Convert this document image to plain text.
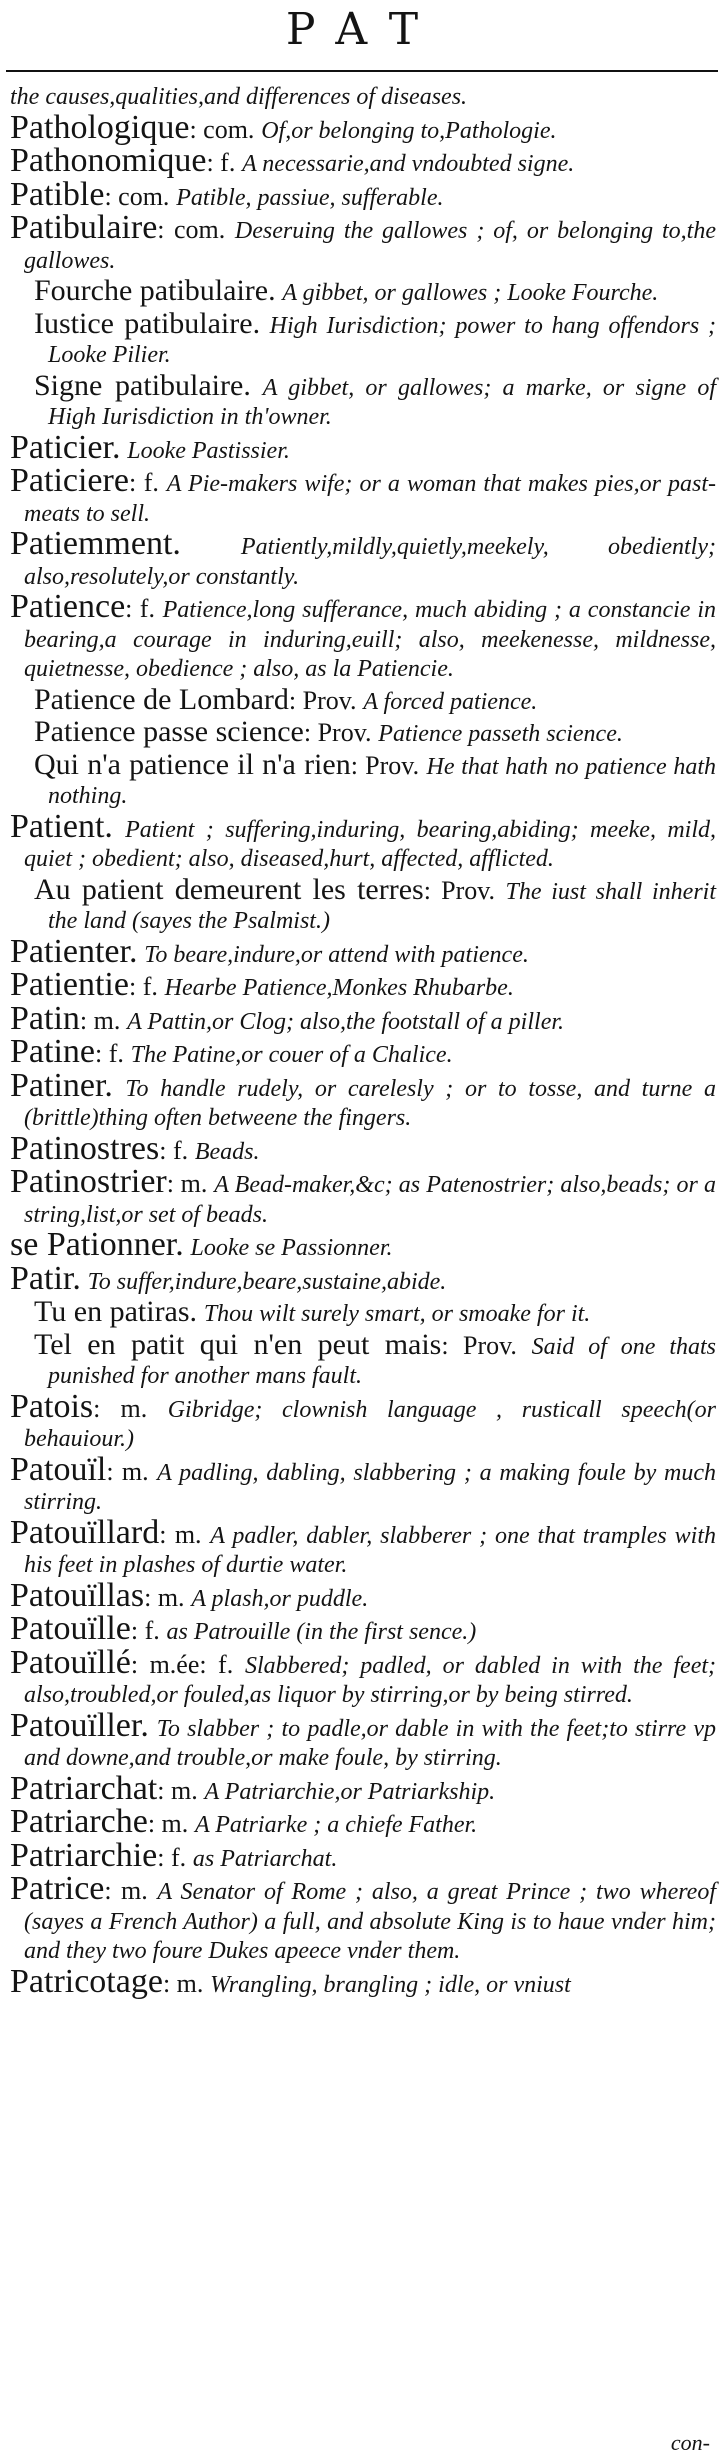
PAT
the causes,qualities,and differences of diseases.
Pathologique: com. Of,or belonging to,Pathologie.
Pathonomique: f. A necessarie,and vndoubted signe.
Patible: com. Patible, passiue, sufferable.
Patibulaire: com. Deseruing the gallowes ; of, or belonging to,the gallowes.
Fourche patibulaire. A gibbet, or gallowes ; Looke Fourche.
Iustice patibulaire. High Iurisdiction; power to hang offendors ; Looke Pilier.
Signe patibulaire. A gibbet, or gallowes; a marke, or signe of High Iurisdiction in th'owner.
Paticier. Looke Pastissier.
Paticiere: f. A Pie-makers wife; or a woman that makes pies,or past-meats to sell.
Patiemment. Patiently,mildly,quietly,meekely, obediently; also,resolutely,or constantly.
Patience: f. Patience,long sufferance, much abiding ; a constancie in bearing,a courage in induring,euill; also, meekenesse, mildnesse, quietnesse, obedience ; also, as la Patiencie.
Patience de Lombard: Prov. A forced patience.
Patience passe science: Prov. Patience passeth science.
Qui n'a patience il n'a rien: Prov. He that hath no patience hath nothing.
Patient. Patient ; suffering,induring, bearing,abiding; meeke, mild, quiet ; obedient; also, diseased,hurt, affected, afflicted.
Au patient demeurent les terres: Prov. The iust shall inherit the land (sayes the Psalmist.)
Patienter. To beare,indure,or attend with patience.
Patientie: f. Hearbe Patience,Monkes Rhubarbe.
Patin: m. A Pattin,or Clog; also,the footstall of a piller.
Patine: f. The Patine,or couer of a Chalice.
Patiner. To handle rudely, or carelesly ; or to tosse, and turne a (brittle)thing often betweene the fingers.
Patinostres: f. Beads.
Patinostrier: m. A Bead-maker,&c; as Patenostrier; also,beads; or a string,list,or set of beads.
se Pationner. Looke se Passionner.
Patir. To suffer,indure,beare,sustaine,abide.
Tu en patiras. Thou wilt surely smart, or smoake for it.
Tel en patit qui n'en peut mais: Prov. Said of one thats punished for another mans fault.
Patois: m. Gibridge; clownish language , rusticall speech(or behauiour.)
Patouïl: m. A padling, dabling, slabbering ; a making foule by much stirring.
Patouïllard: m. A padler, dabler, slabberer ; one that tramples with his feet in plashes of durtie water.
Patouïllas: m. A plash,or puddle.
Patouïlle: f. as Patrouille (in the first sence.)
Patouïllé: m.ée: f. Slabbered; padled, or dabled in with the feet; also,troubled,or fouled,as liquor by stirring,or by being stirred.
Patouïller. To slabber ; to padle,or dable in with the feet;to stirre vp and downe,and trouble,or make foule, by stirring.
Patriarchat: m. A Patriarchie,or Patriarkship.
Patriarche: m. A Patriarke ; a chiefe Father.
Patriarchie: f. as Patriarchat.
Patrice: m. A Senator of Rome ; also, a great Prince ; two whereof (sayes a French Author) a full, and absolute King is to haue vnder him; and they two foure Dukes apeece vnder them.
Patricotage: m. Wrangling, brangling ; idle, or vniust
con-
